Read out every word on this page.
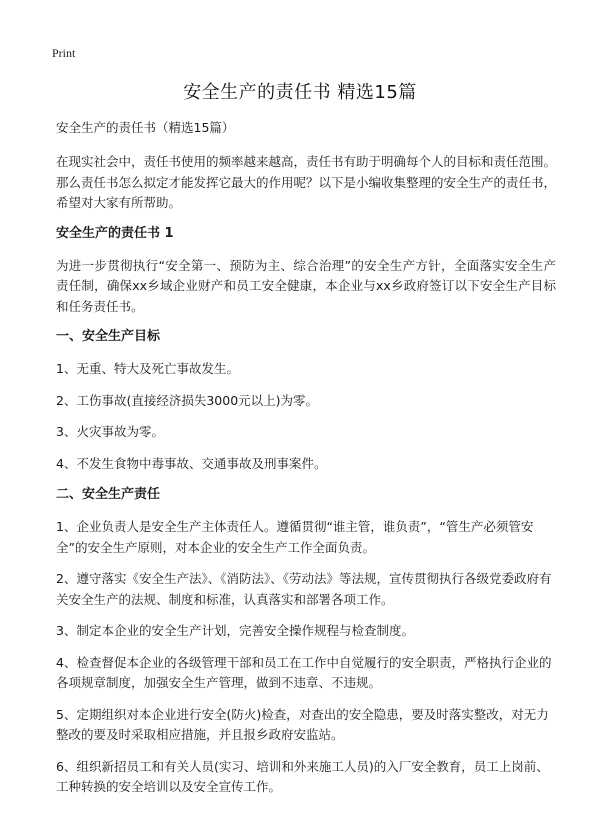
Print
安全生产的责任书 精选15篇
安全生产的责任书（精选15篇）

在现实社会中，责任书使用的频率越来越高，责任书有助于明确每个人的目标和责任范围。那么责任书怎么拟定才能发挥它最大的作用呢？以下是小编收集整理的安全生产的责任书，希望对大家有所帮助。

安全生产的责任书 1

为进一步贯彻执行“安全第一、预防为主、综合治理”的安全生产方针，全面落实安全生产责任制，确保xx乡域企业财产和员工安全健康，本企业与xx乡政府签订以下安全生产目标和任务责任书。

一、安全生产目标
1、无重、特大及死亡事故发生。
2、工伤事故(直接经济损失3000元以上)为零。
3、火灾事故为零。
4、不发生食物中毒事故、交通事故及刑事案件。
二、安全生产责任
1、企业负责人是安全生产主体责任人。遵循贯彻“谁主管，谁负责”，“管生产必须管安全”的安全生产原则，对本企业的安全生产工作全面负责。
2、遵守落实《安全生产法》、《消防法》、《劳动法》等法规，宣传贯彻执行各级党委政府有关安全生产的法规、制度和标准，认真落实和部署各项工作。
3、制定本企业的安全生产计划，完善安全操作规程与检查制度。
4、检查督促本企业的各级管理干部和员工在工作中自觉履行的安全职责，严格执行企业的各项规章制度，加强安全生产管理，做到不违章、不违规。
5、定期组织对本企业进行安全(防火)检查，对查出的安全隐患，要及时落实整改，对无力整改的要及时采取相应措施，并且报乡政府安监站。
6、组织新招员工和有关人员(实习、培训和外来施工人员)的入厂安全教育，员工上岗前、工种转换的安全培训以及安全宣传工作。
